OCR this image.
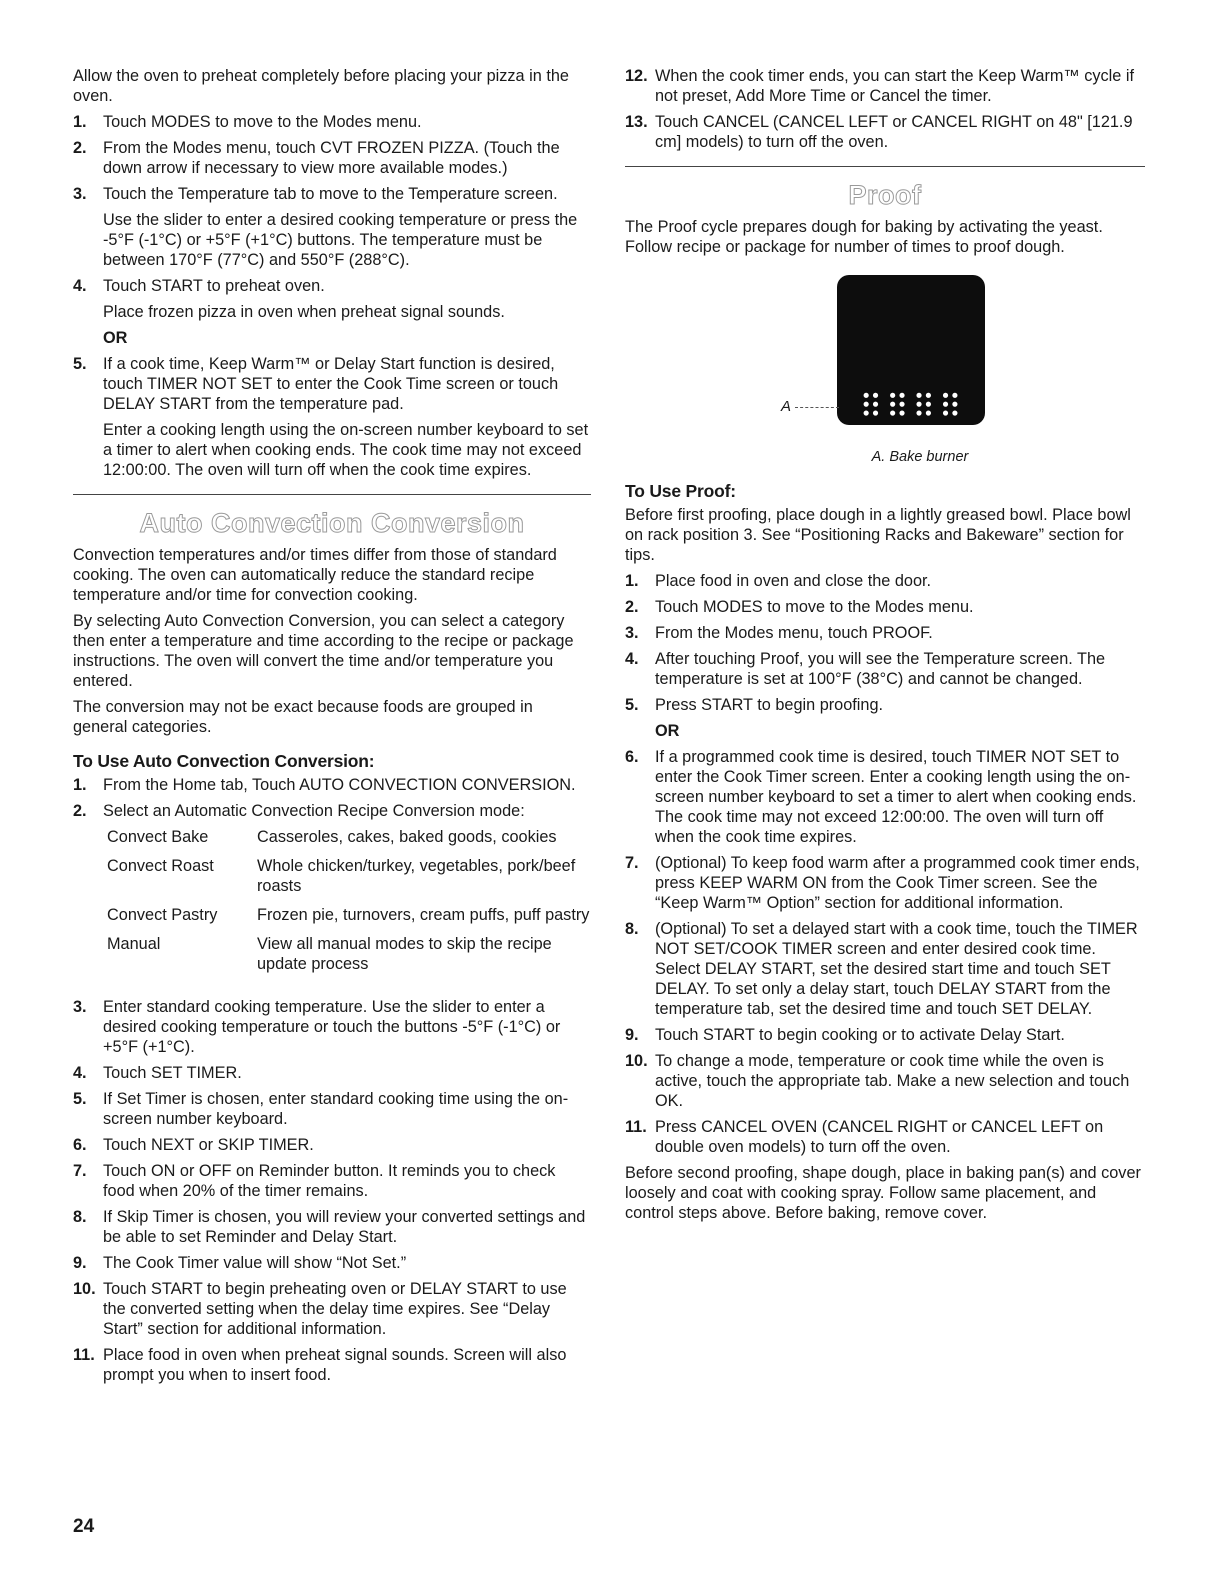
Allow the oven to preheat completely before placing your pizza in the oven.

1. Touch MODES to move to the Modes menu.
2. From the Modes menu, touch CVT FROZEN PIZZA. (Touch the down arrow if necessary to view more available modes.)
3. Touch the Temperature tab to move to the Temperature screen.
Use the slider to enter a desired cooking temperature or press the -5°F (-1°C) or +5°F (+1°C) buttons. The temperature must be between 170°F (77°C) and 550°F (288°C).
4. Touch START to preheat oven.
Place frozen pizza in oven when preheat signal sounds.
OR
5. If a cook time, Keep Warm™ or Delay Start function is desired, touch TIMER NOT SET to enter the Cook Time screen or touch DELAY START from the temperature pad.
Enter a cooking length using the on-screen number keyboard to set a timer to alert when cooking ends. The cook time may not exceed 12:00:00. The oven will turn off when the cook time expires.
Auto Convection Conversion

Convection temperatures and/or times differ from those of standard cooking. The oven can automatically reduce the standard recipe temperature and/or time for convection cooking.

By selecting Auto Convection Conversion, you can select a category then enter a temperature and time according to the recipe or package instructions. The oven will convert the time and/or temperature you entered.

The conversion may not be exact because foods are grouped in general categories.

To Use Auto Convection Conversion:
1. From the Home tab, Touch AUTO CONVECTION CONVERSION.
2. Select an Automatic Convection Recipe Conversion mode:
Convect Bake	Casseroles, cakes, baked goods, cookies
Convect Roast	Whole chicken/turkey, vegetables, pork/beef roasts
Convect Pastry	Frozen pie, turnovers, cream puffs, puff pastry
Manual	View all manual modes to skip the recipe update process
3. Enter standard cooking temperature. Use the slider to enter a desired cooking temperature or touch the buttons -5°F (-1°C) or +5°F (+1°C).
4. Touch SET TIMER.
5. If Set Timer is chosen, enter standard cooking time using the on-screen number keyboard.
6. Touch NEXT or SKIP TIMER.
7. Touch ON or OFF on Reminder button. It reminds you to check food when 20% of the timer remains.
8. If Skip Timer is chosen, you will review your converted settings and be able to set Reminder and Delay Start.
9. The Cook Timer value will show “Not Set.”
10. Touch START to begin preheating oven or DELAY START to use the converted setting when the delay time expires. See “Delay Start” section for additional information.
11. Place food in oven when preheat signal sounds. Screen will also prompt you when to insert food.
12. When the cook timer ends, you can start the Keep Warm™ cycle if not preset, Add More Time or Cancel the timer.
13. Touch CANCEL (CANCEL LEFT or CANCEL RIGHT on 48" [121.9 cm] models) to turn off the oven.
Proof

The Proof cycle prepares dough for baking by activating the yeast. Follow recipe or package for number of times to proof dough.

⠿⠿⠿⠿
A
A. Bake burner
To Use Proof:

Before first proofing, place dough in a lightly greased bowl. Place bowl on rack position 3. See “Positioning Racks and Bakeware” section for tips.

1. Place food in oven and close the door.
2. Touch MODES to move to the Modes menu.
3. From the Modes menu, touch PROOF.
4. After touching Proof, you will see the Temperature screen. The temperature is set at 100°F (38°C) and cannot be changed.
5. Press START to begin proofing.
OR
6. If a programmed cook time is desired, touch TIMER NOT SET to enter the Cook Timer screen. Enter a cooking length using the on-screen number keyboard to set a timer to alert when cooking ends. The cook time may not exceed 12:00:00. The oven will turn off when the cook time expires.
7. (Optional) To keep food warm after a programmed cook timer ends, press KEEP WARM ON from the Cook Timer screen. See the “Keep Warm™ Option” section for additional information.
8. (Optional) To set a delayed start with a cook time, touch the TIMER NOT SET/COOK TIMER screen and enter desired cook time. Select DELAY START, set the desired start time and touch SET DELAY. To set only a delay start, touch DELAY START from the temperature tab, set the desired time and touch SET DELAY.
9. Touch START to begin cooking or to activate Delay Start.
10. To change a mode, temperature or cook time while the oven is active, touch the appropriate tab. Make a new selection and touch OK.
11. Press CANCEL OVEN (CANCEL RIGHT or CANCEL LEFT on double oven models) to turn off the oven.

Before second proofing, shape dough, place in baking pan(s) and cover loosely and coat with cooking spray. Follow same placement, and control steps above. Before baking, remove cover.

24
